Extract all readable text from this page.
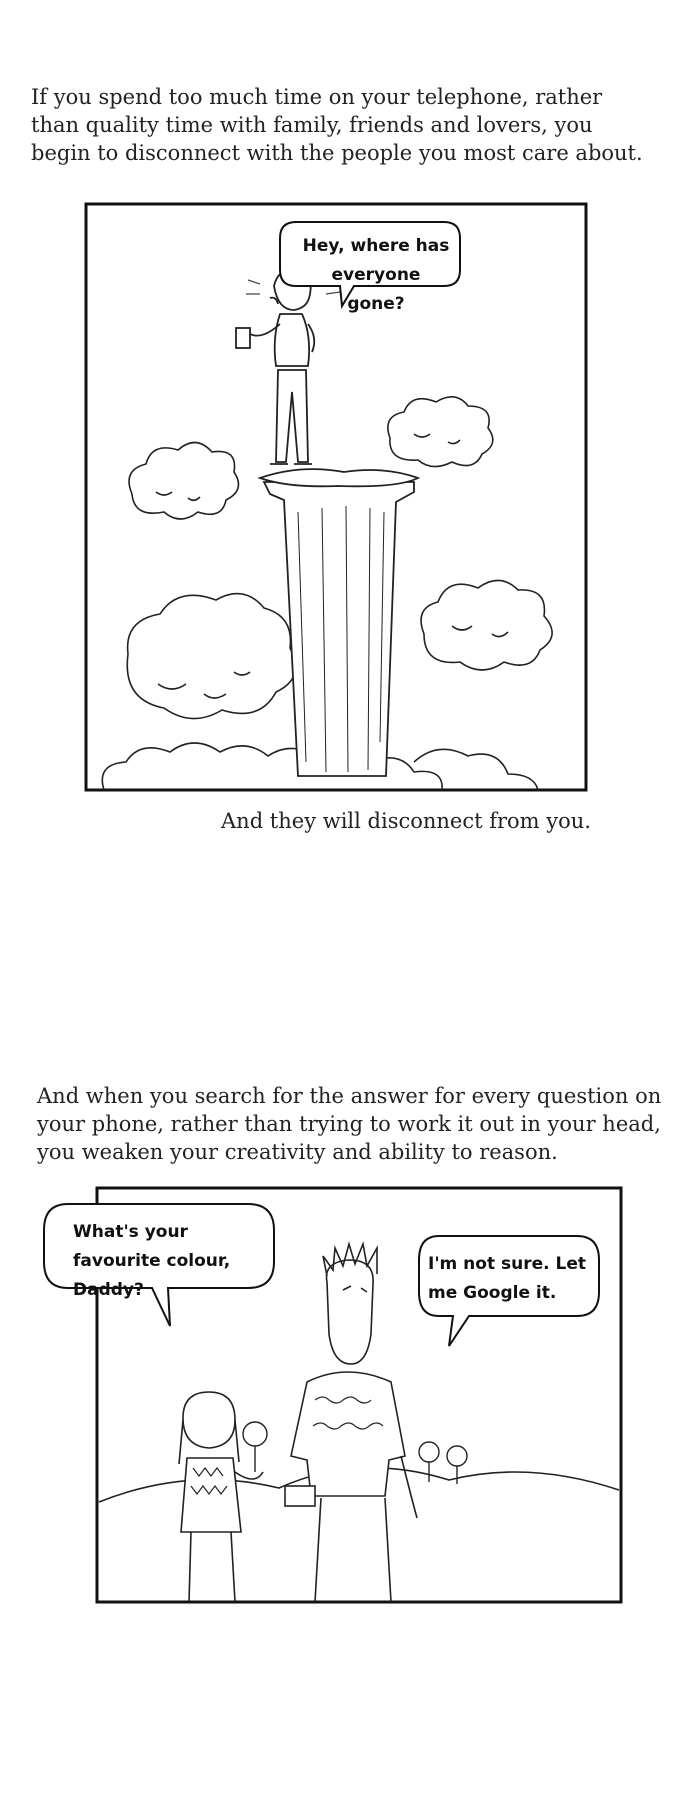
If you spend too much time on your telephone, rather than quality time with family, friends and lovers, you begin to disconnect with the people you most care about.

Hey, where has everyone gone?

And they will disconnect from you.

And when you search for the answer for every question on your phone, rather than trying to work it out in your head, you weaken your creativity and ability to reason.

What's your favourite colour, Daddy?

I'm not sure. Let me Google it.
